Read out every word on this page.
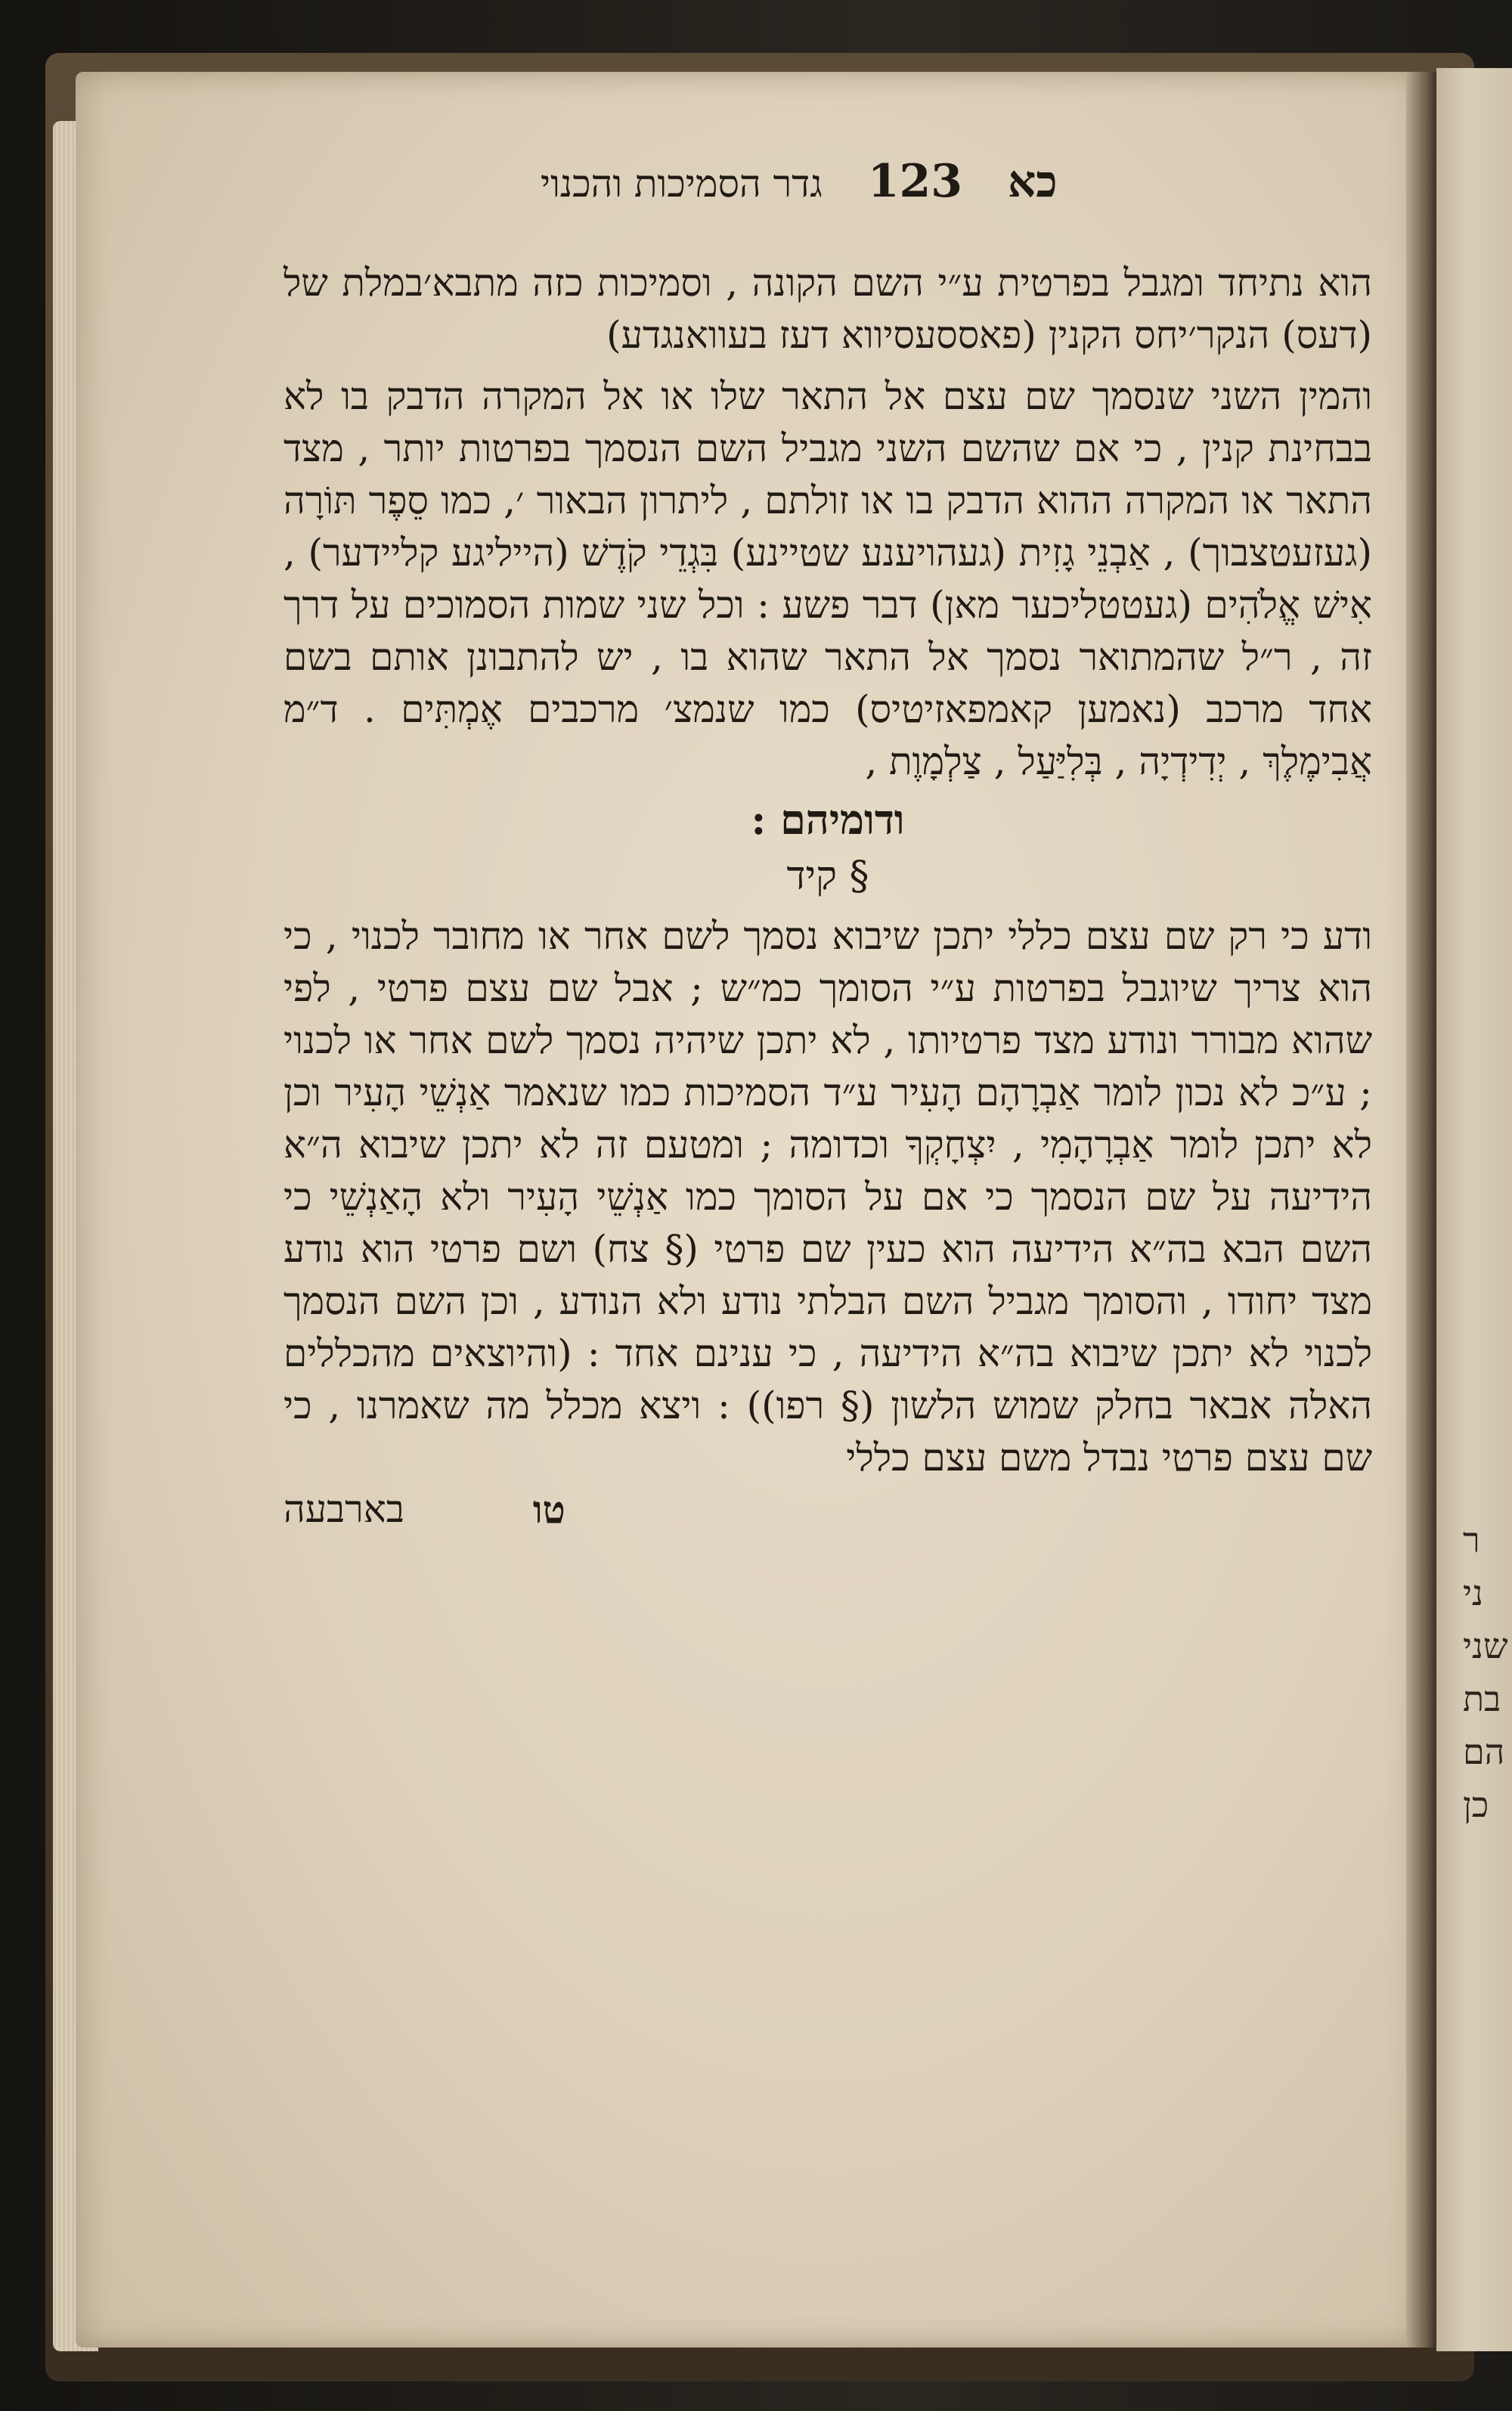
ר
ני
שני
בת
הם
כן
גדר הסמיכות והכנוי 123 כא

הוא נתיחד ומגבל בפרטית ע״י השם הקונה , וסמיכות כזה מתבא׳במלת של (דעס) הנקר׳יחס הקנין (פאססעסיווא דעז בעוואנגדע)

והמין השני שנסמך שם עצם אל התאר שלו או אל המקרה הדבק בו לא בבחינת קנין , כי אם שהשם השני מגביל השם הנסמך בפרטות יותר , מצד התאר או המקרה ההוא הדבק בו או זולתם , ליתרון הבאור ׳, כמו סֵפֶר תּוֹרָה (געזעטצבוך) , אַבְנֵי גָזִית (געהויענע שטיינע) בִּגְדֵי קֹדֶשׁ (הייליגע קליידער) , אִישׁ אֱלֹהִים (געטטליכער מאן) דבר פשע : וכל שני שמות הסמוכים על דרך זה , ר״ל שהמתואר נסמך אל התאר שהוא בו , יש להתבונן אותם בשם אחד מרכב (נאמען קאמפאזיטיס) כמו שנמצ׳ מרכבים אֶמְתִּים . ד״מ אֲבִימֶלֶךְ , יְדִידְיָה , בְּלִיַּעַל , צַלְמָוֶת ,

ודומיהם :
§ קיד

ודע כי רק שם עצם כללי יתכן שיבוא נסמך לשם אחר או מחובר לכנוי , כי הוא צריך שיוגבל בפרטות ע״י הסומך כמ״ש ; אבל שם עצם פרטי , לפי שהוא מבורר ונודע מצד פרטיותו , לא יתכן שיהיה נסמך לשם אחר או לכנוי ; ע״כ לא נכון לומר אַבְרָהָם הָעִיר ע״ד הסמיכות כמו שנאמר אַנְשֵׁי הָעִיר וכן לא יתכן לומר אַבְרָהָמִי , יִצְחָקְךָ וכדומה ; ומטעם זה לא יתכן שיבוא ה״א הידיעה על שם הנסמך כי אם על הסומך כמו אַנְשֵׁי הָעִיר ולא הָאַנְשֵׁי כי השם הבא בה״א הידיעה הוא כעין שם פרטי (§ צח) ושם פרטי הוא נודע מצד יחודו , והסומך מגביל השם הבלתי נודע ולא הנודע , וכן השם הנסמך לכנוי לא יתכן שיבוא בה״א הידיעה , כי ענינם אחד : (והיוצאים מהכללים האלה אבאר בחלק שמוש הלשון (§ רפו)) : ויצא מכלל מה שאמרנו , כי שם עצם פרטי נבדל משם עצם כללי

בארבעה	טו
